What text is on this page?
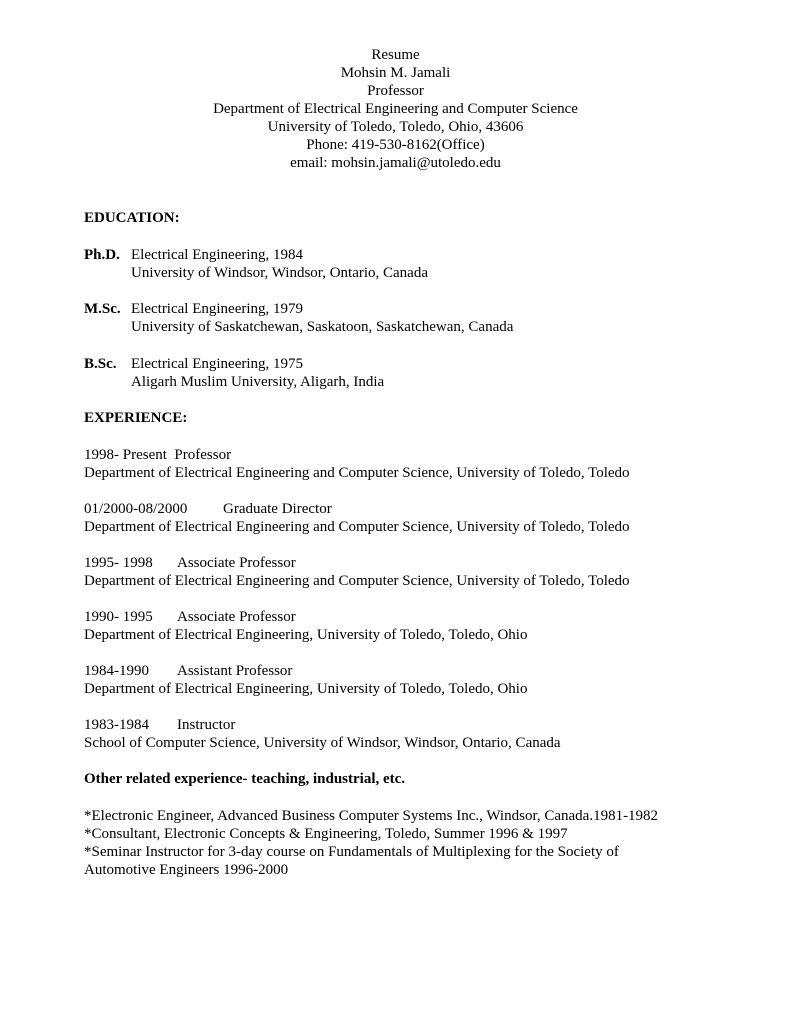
Resume
Mohsin M. Jamali
Professor
Department of Electrical Engineering and Computer Science
University of Toledo, Toledo, Ohio, 43606
Phone: 419-530-8162(Office)
email: mohsin.jamali@utoledo.edu
EDUCATION:
Ph.D. Electrical Engineering, 1984
University of Windsor, Windsor, Ontario, Canada
M.Sc. Electrical Engineering, 1979
University of Saskatchewan, Saskatoon, Saskatchewan, Canada
B.Sc. Electrical Engineering, 1975
Aligarh Muslim University, Aligarh, India
EXPERIENCE:
1998- Present Professor
Department of Electrical Engineering and Computer Science, University of Toledo, Toledo
01/2000-08/2000 Graduate Director
Department of Electrical Engineering and Computer Science, University of Toledo, Toledo
1995- 1998 Associate Professor
Department of Electrical Engineering and Computer Science, University of Toledo, Toledo
1990- 1995 Associate Professor
Department of Electrical Engineering, University of Toledo, Toledo, Ohio
1984-1990 Assistant Professor
Department of Electrical Engineering, University of Toledo, Toledo, Ohio
1983-1984 Instructor
School of Computer Science, University of Windsor, Windsor, Ontario, Canada
Other related experience- teaching, industrial, etc.
*Electronic Engineer, Advanced Business Computer Systems Inc., Windsor, Canada.1981-1982
*Consultant, Electronic Concepts & Engineering, Toledo, Summer 1996 & 1997
*Seminar Instructor for 3-day course on Fundamentals of Multiplexing for the Society of
Automotive Engineers 1996-2000
